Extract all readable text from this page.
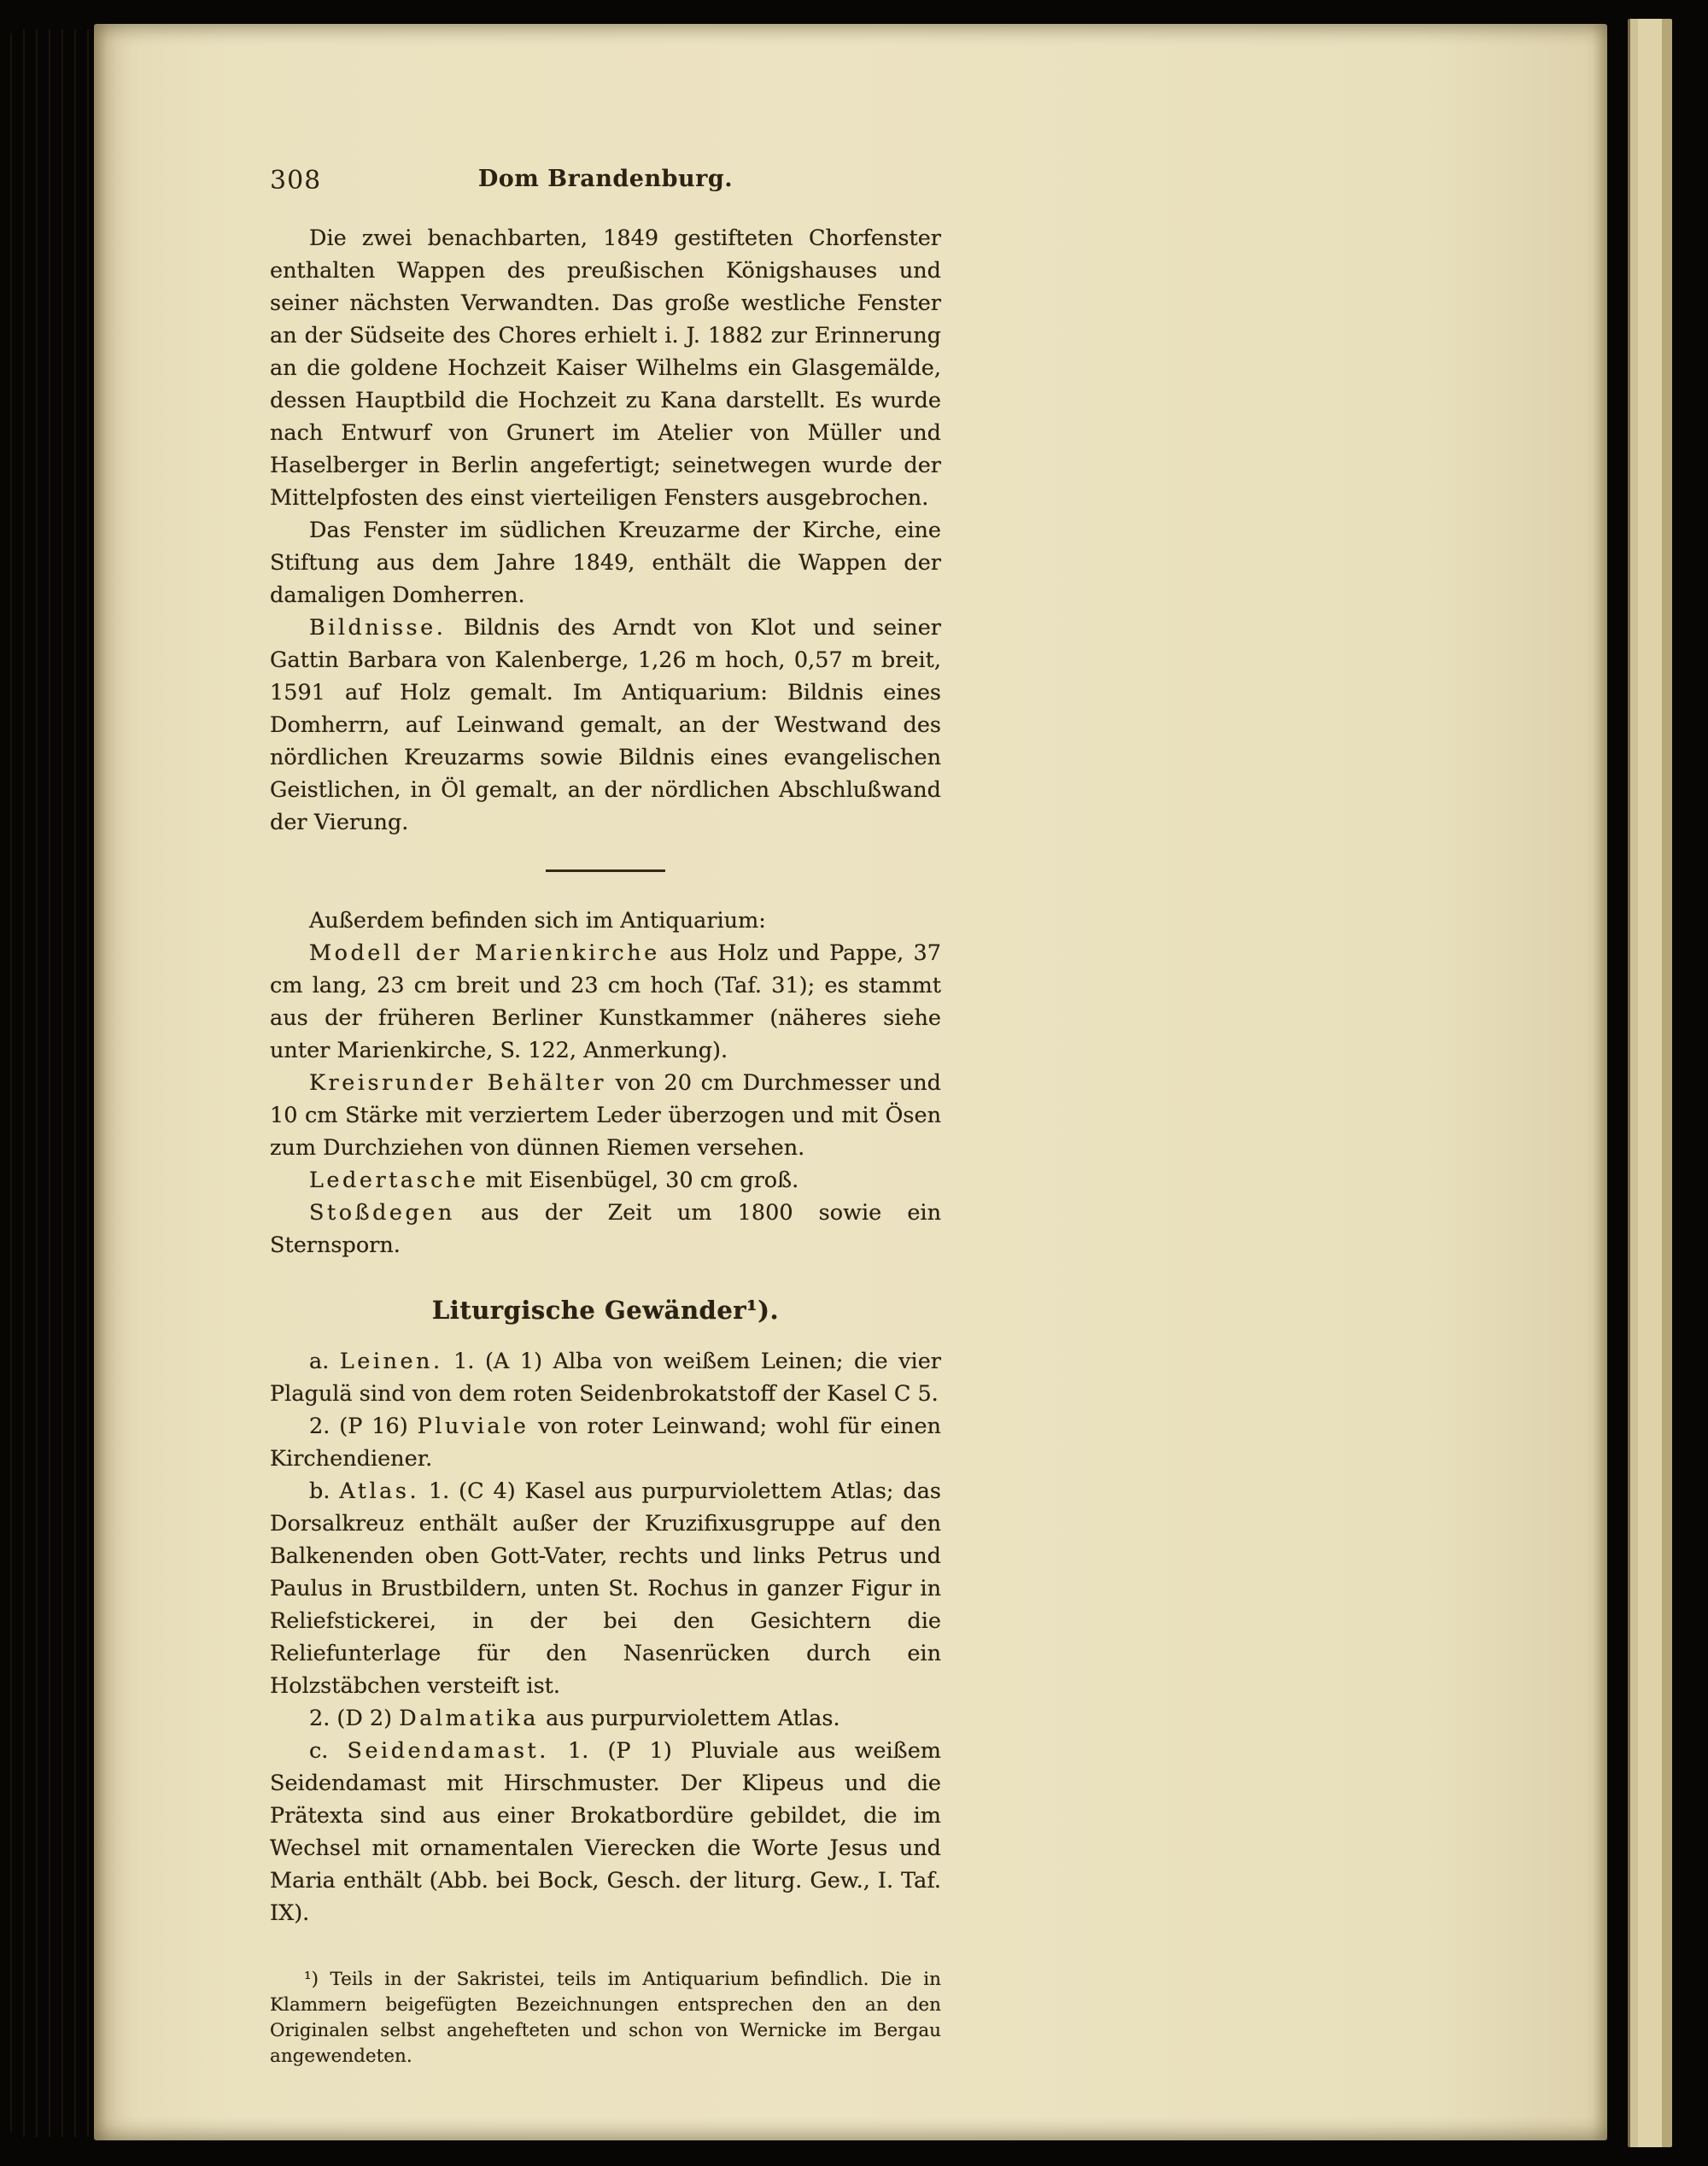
308	Dom Brandenburg.

Die zwei benachbarten, 1849 gestifteten Chorfenster enthalten Wappen des preußischen Königshauses und seiner nächsten Verwandten. Das große westliche Fenster an der Südseite des Chores erhielt i. J. 1882 zur Erinnerung an die goldene Hochzeit Kaiser Wilhelms ein Glasgemälde, dessen Hauptbild die Hochzeit zu Kana darstellt. Es wurde nach Entwurf von Grunert im Atelier von Müller und Haselberger in Berlin angefertigt; seinetwegen wurde der Mittelpfosten des einst vierteiligen Fensters ausgebrochen.

Das Fenster im südlichen Kreuzarme der Kirche, eine Stiftung aus dem Jahre 1849, enthält die Wappen der damaligen Domherren.

Bildnisse. Bildnis des Arndt von Klot und seiner Gattin Barbara von Kalenberge, 1,26 m hoch, 0,57 m breit, 1591 auf Holz gemalt. Im Antiquarium: Bildnis eines Domherrn, auf Leinwand gemalt, an der Westwand des nördlichen Kreuzarms sowie Bildnis eines evangelischen Geistlichen, in Öl gemalt, an der nördlichen Abschlußwand der Vierung.

Außerdem befinden sich im Antiquarium:

Modell der Marienkirche aus Holz und Pappe, 37 cm lang, 23 cm breit und 23 cm hoch (Taf. 31); es stammt aus der früheren Berliner Kunstkammer (näheres siehe unter Marienkirche, S. 122, Anmerkung).

Kreisrunder Behälter von 20 cm Durchmesser und 10 cm Stärke mit verziertem Leder überzogen und mit Ösen zum Durchziehen von dünnen Riemen versehen.

Ledertasche mit Eisenbügel, 30 cm groß.

Stoßdegen aus der Zeit um 1800 sowie ein Sternsporn.

Liturgische Gewänder¹).

a. Leinen. 1. (A 1) Alba von weißem Leinen; die vier Plagulä sind von dem roten Seidenbrokatstoff der Kasel C 5.

2. (P 16) Pluviale von roter Leinwand; wohl für einen Kirchendiener.

b. Atlas. 1. (C 4) Kasel aus purpurviolettem Atlas; das Dorsalkreuz enthält außer der Kruzifixusgruppe auf den Balkenenden oben Gott-Vater, rechts und links Petrus und Paulus in Brustbildern, unten St. Rochus in ganzer Figur in Reliefstickerei, in der bei den Gesichtern die Reliefunterlage für den Nasenrücken durch ein Holzstäbchen versteift ist.

2. (D 2) Dalmatika aus purpurviolettem Atlas.

c. Seidendamast. 1. (P 1) Pluviale aus weißem Seidendamast mit Hirschmuster. Der Klipeus und die Prätexta sind aus einer Brokatbordüre gebildet, die im Wechsel mit ornamentalen Vierecken die Worte Jesus und Maria enthält (Abb. bei Bock, Gesch. der liturg. Gew., I. Taf. IX).

¹) Teils in der Sakristei, teils im Antiquarium befindlich. Die in Klammern beigefügten Bezeichnungen entsprechen den an den Originalen selbst angehefteten und schon von Wernicke im Bergau angewendeten.
